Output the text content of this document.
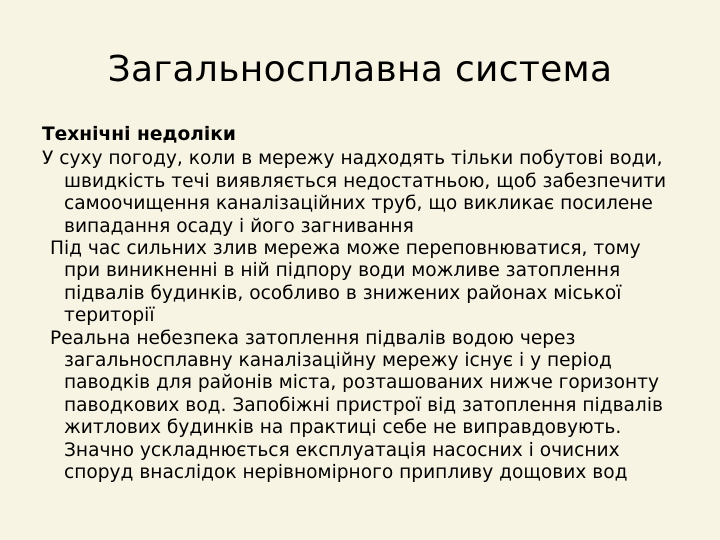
Загальносплавна система

Технічні недоліки

У суху погоду, коли в мережу надходять тільки побутові води, швидкість течі виявляється недостатньою, щоб забезпечити самоочищення каналізаційних труб, що викликає посилене випадання осаду і його загнивання

Під час сильних злив мережа може переповнюватися, тому при виникненні в ній підпору води можливе затоплення підвалів будинків, особливо в знижених районах міської території

Реальна небезпека затоплення підвалів водою через загальносплавну каналізаційну мережу існує і у період паводків для районів міста, розташованих нижче горизонту паводкових вод. Запобіжні пристрої від затоплення підвалів житлових будинків на практиці себе не виправдовують. Значно ускладнюється експлуатація насосних і очисних споруд внаслідок нерівномірного припливу дощових вод
